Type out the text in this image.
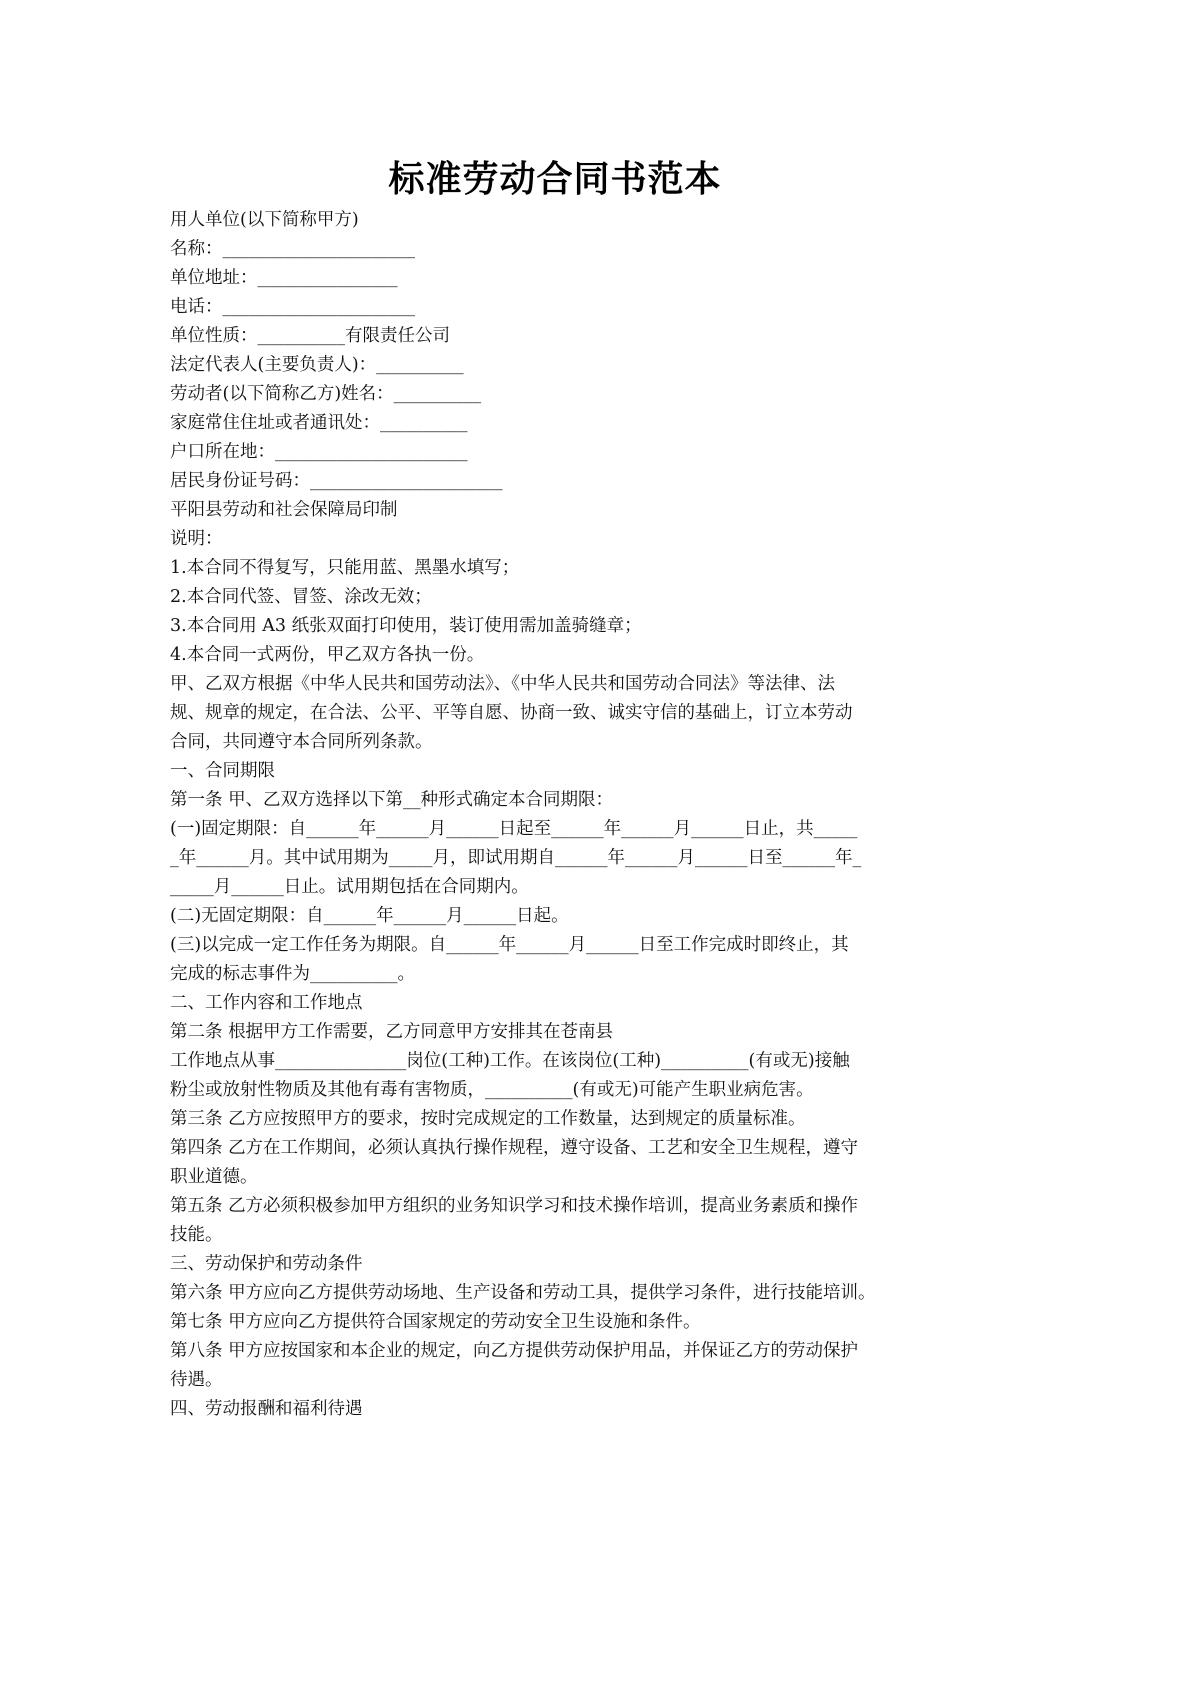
标准劳动合同书范本
用人单位(以下简称甲方)
名称：______________________
单位地址：________________
电话：______________________
单位性质：__________有限责任公司
法定代表人(主要负责人)：__________
劳动者(以下简称乙方)姓名：__________
家庭常住住址或者通讯处：__________
户口所在地：______________________
居民身份证号码：______________________
平阳县劳动和社会保障局印制
说明：
1.本合同不得复写，只能用蓝、黑墨水填写；
2.本合同代签、冒签、涂改无效；
3.本合同用 A3 纸张双面打印使用，装订使用需加盖骑缝章；
4.本合同一式两份，甲乙双方各执一份。
甲、乙双方根据《中华人民共和国劳动法》、《中华人民共和国劳动合同法》等法律、法
规、规章的规定，在合法、公平、平等自愿、协商一致、诚实守信的基础上，订立本劳动
合同，共同遵守本合同所列条款。
一、合同期限
第一条 甲、乙双方选择以下第__种形式确定本合同期限：
(一)固定期限：自______年______月______日起至______年______月______日止，共_____
_年______月。其中试用期为_____月，即试用期自______年______月______日至______年_
_____月______日止。试用期包括在合同期内。
(二)无固定期限：自______年______月______日起。
(三)以完成一定工作任务为期限。自______年______月______日至工作完成时即终止，其
完成的标志事件为__________。
二、工作内容和工作地点
第二条 根据甲方工作需要，乙方同意甲方安排其在苍南县
工作地点从事_______________岗位(工种)工作。在该岗位(工种)__________(有或无)接触
粉尘或放射性物质及其他有毒有害物质，__________(有或无)可能产生职业病危害。
第三条 乙方应按照甲方的要求，按时完成规定的工作数量，达到规定的质量标准。
第四条 乙方在工作期间，必须认真执行操作规程，遵守设备、工艺和安全卫生规程，遵守
职业道德。
第五条 乙方必须积极参加甲方组织的业务知识学习和技术操作培训，提高业务素质和操作
技能。
三、劳动保护和劳动条件
第六条 甲方应向乙方提供劳动场地、生产设备和劳动工具，提供学习条件，进行技能培训。
第七条 甲方应向乙方提供符合国家规定的劳动安全卫生设施和条件。
第八条 甲方应按国家和本企业的规定，向乙方提供劳动保护用品，并保证乙方的劳动保护
待遇。
四、劳动报酬和福利待遇
